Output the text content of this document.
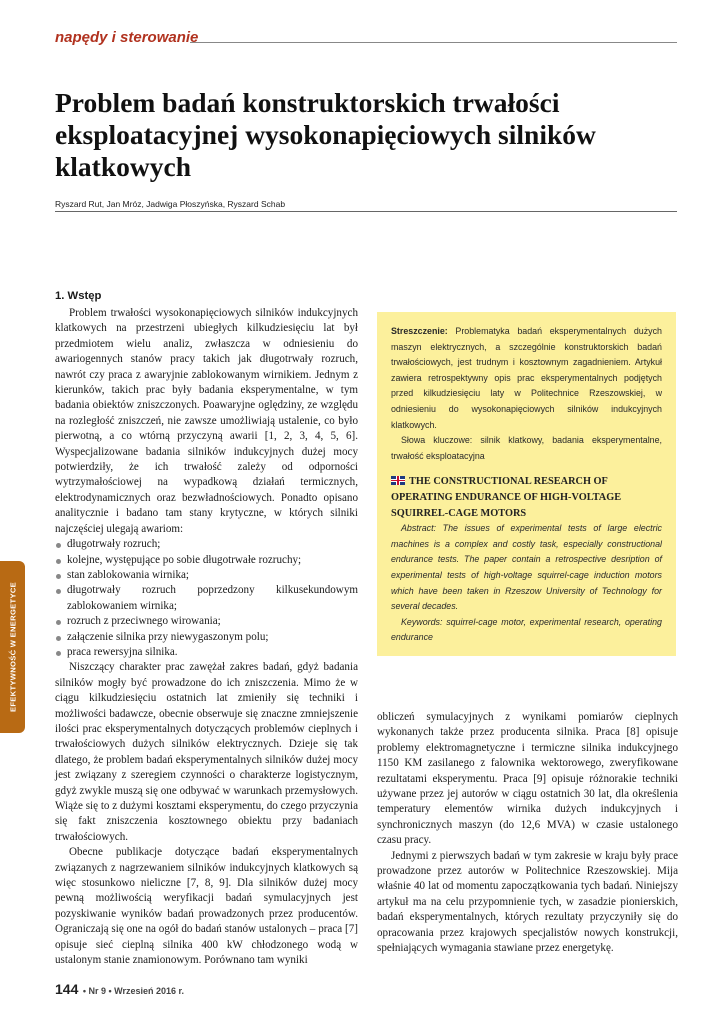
napędy i sterowanie
Problem badań konstruktorskich trwałości eksploatacyjnej wysokonapięciowych silników klatkowych
Ryszard Rut, Jan Mróz, Jadwiga Płoszyńska, Ryszard Schab
EFEKTYWNOŚĆ W ENERGETYCE
1. Wstęp

Problem trwałości wysokonapięciowych silników indukcyjnych klatkowych na przestrzeni ubiegłych kilkudziesięciu lat był przedmiotem wielu analiz, zwłaszcza w odniesieniu do awariogennych stanów pracy takich jak długotrwały rozruch, nawrót czy praca z awaryjnie zablokowanym wirnikiem. Jednym z kierunków, takich prac były badania eksperymentalne, w tym badania obiektów zniszczonych. Poawaryjne oględziny, ze względu na rozległość zniszczeń, nie zawsze umożliwiają ustalenie, co było pierwotną, a co wtórną przyczyną awarii [1, 2, 3, 4, 5, 6]. Wyspecjalizowane badania silników indukcyjnych dużej mocy potwierdziły, że ich trwałość zależy od odporności wytrzymałościowej na wypadkową działań termicznych, elektrodynamicznych oraz bezwładnościowych. Ponadto opisano analitycznie i badano tam stany krytyczne, w których silniki najczęściej ulegają awariom:

długotrwały rozruch;
kolejne, występujące po sobie długotrwałe rozruchy;
stan zablokowania wirnika;
długotrwały rozruch poprzedzony kilkusekundowym zablokowaniem wirnika;
rozruch z przeciwnego wirowania;
załączenie silnika przy niewygaszonym polu;
praca rewersyjna silnika.

Niszczący charakter prac zawężał zakres badań, gdyż badania silników mogły być prowadzone do ich zniszczenia. Mimo że w ciągu kilkudziesięciu ostatnich lat zmieniły się techniki i możliwości badawcze, obecnie obserwuje się znaczne zmniejszenie ilości prac eksperymentalnych dotyczących problemów cieplnych i trwałościowych dużych silników elektrycznych. Dzieje się tak dlatego, że problem badań eksperymentalnych silników dużej mocy jest związany z szeregiem czynności o charakterze logistycznym, gdyż zwykle muszą się one odbywać w warunkach przemysłowych. Wiąże się to z dużymi kosztami eksperymentu, do czego przyczynia się fakt zniszczenia kosztownego obiektu przy badaniach trwałościowych.

Obecne publikacje dotyczące badań eksperymentalnych związanych z nagrzewaniem silników indukcyjnych klatkowych są więc stosunkowo nieliczne [7, 8, 9]. Dla silników dużej mocy pewną możliwością weryfikacji badań symulacyjnych jest pozyskiwanie wyników badań prowadzonych przez producentów. Ograniczają się one na ogół do badań stanów ustalonych – praca [7] opisuje sieć cieplną silnika 400 kW chłodzonego wodą w ustalonym stanie znamionowym. Porównano tam wyniki

Streszczenie: Problematyka badań eksperymentalnych dużych maszyn elektrycznych, a szczególnie konstruktorskich badań trwałościowych, jest trudnym i kosztownym zagadnieniem. Artykuł zawiera retrospektywny opis prac eksperymentalnych podjętych przed kilkudziesięciu laty w Politechnice Rzeszowskiej, w odniesieniu do wysokonapięciowych silników indukcyjnych klatkowych.

Słowa kluczowe: silnik klatkowy, badania eksperymentalne, trwałość eksploatacyjna

THE CONSTRUCTIONAL RESEARCH OF OPERATING ENDURANCE OF HIGH-VOLTAGE SQUIRREL-CAGE MOTORS

Abstract: The issues of experimental tests of large electric machines is a complex and costly task, especially constructional endurance tests. The paper contain a retrospective desription of experimental tests of high-voltage squirrel-cage induction motors which have been taken in Rzeszow University of Technology for several decades.

Keywords: squirrel-cage motor, experimental research, operating endurance

obliczeń symulacyjnych z wynikami pomiarów cieplnych wykonanych także przez producenta silnika. Praca [8] opisuje problemy elektromagnetyczne i termiczne silnika indukcyjnego 1150 KM zasilanego z falownika wektorowego, zweryfikowane rezultatami eksperymentu. Praca [9] opisuje różnorakie techniki używane przez jej autorów w ciągu ostatnich 30 lat, dla określenia temperatury elementów wirnika dużych indukcyjnych i synchronicznych maszyn (do 12,6 MVA) w czasie ustalonego czasu pracy.

Jednymi z pierwszych badań w tym zakresie w kraju były prace prowadzone przez autorów w Politechnice Rzeszowskiej. Mija właśnie 40 lat od momentu zapoczątkowania tych badań. Niniejszy artykuł ma na celu przypomnienie tych, w zasadzie pionierskich, badań eksperymentalnych, których rezultaty przyczyniły się do opracowania przez krajowych specjalistów nowych konstrukcji, spełniających wymagania stawiane przez energetykę.

144 • Nr 9 • Wrzesień 2016 r.
